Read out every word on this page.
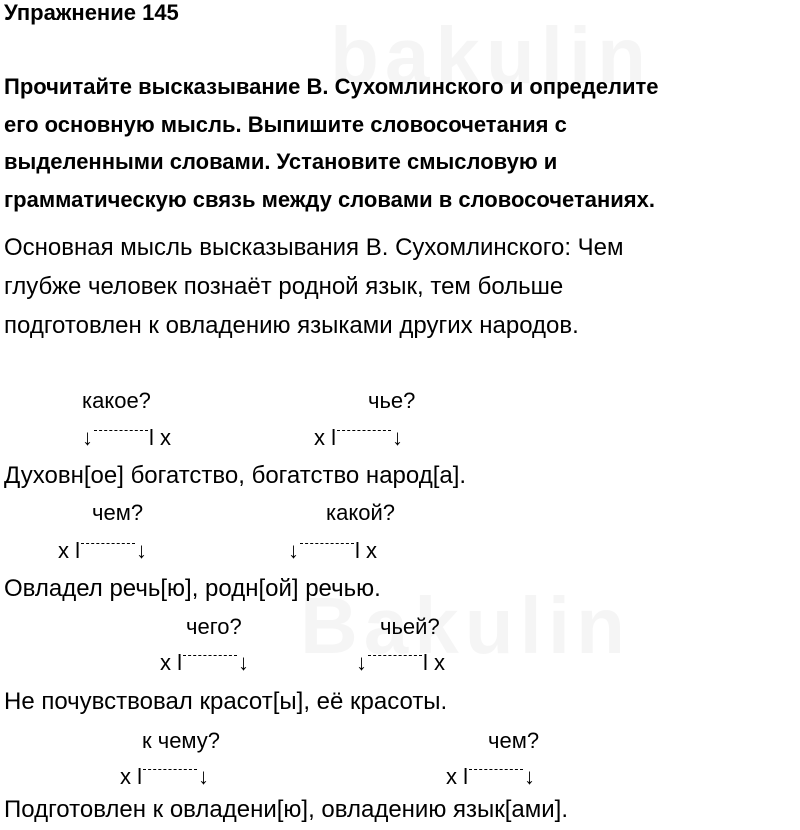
Упражнение 145
Прочитайте высказывание В. Сухомлинского и определите
его основную мысль. Выпишите словосочетания с
выделенными словами. Установите смысловую и
грамматическую связь между словами в словосочетаниях.
Основная мысль высказывания В. Сухомлинского: Чем
глубже человек познаёт родной язык, тем больше
подготовлен к овладению языками других народов.
какое?	чье?
↓	l x	x l	↓
Духовн[ое] богатство, богатство народ[а].
чем?	какой?
x l	↓	↓	l x
Овладел речь[ю], родн[ой] речью.
чего?	чьей?
x l	↓	↓	l x
Не почувствовал красот[ы], её красоты.
к чему?	чем?
x l	↓	x l	↓
Подготовлен к овладени[ю], овладению язык[ами].
